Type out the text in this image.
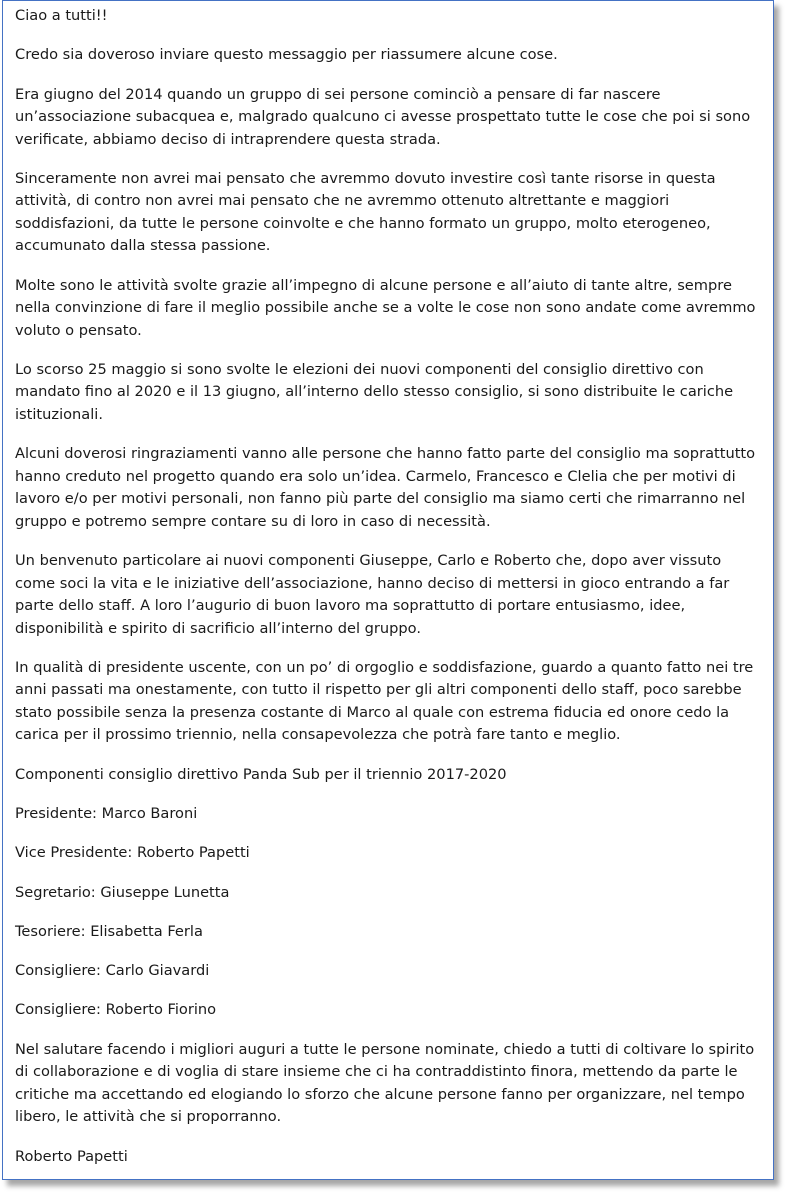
Ciao a tutti!!

Credo sia doveroso inviare questo messaggio per riassumere alcune cose.

Era giugno del 2014 quando un gruppo di sei persone cominciò a pensare di far nascere un’associazione subacquea e, malgrado qualcuno ci avesse prospettato tutte le cose che poi si sono verificate, abbiamo deciso di intraprendere questa strada.

Sinceramente non avrei mai pensato che avremmo dovuto investire così tante risorse in questa attività, di contro non avrei mai pensato che ne avremmo ottenuto altrettante e maggiori soddisfazioni, da tutte le persone coinvolte e che hanno formato un gruppo, molto eterogeneo, accumunato dalla stessa passione.

Molte sono le attività svolte grazie all’impegno di alcune persone e all’aiuto di tante altre, sempre nella convinzione di fare il meglio possibile anche se a volte le cose non sono andate come avremmo voluto o pensato.

Lo scorso 25 maggio si sono svolte le elezioni dei nuovi componenti del consiglio direttivo con mandato fino al 2020 e il 13 giugno, all’interno dello stesso consiglio, si sono distribuite le cariche istituzionali.

Alcuni doverosi ringraziamenti vanno alle persone che hanno fatto parte del consiglio ma soprattutto hanno creduto nel progetto quando era solo un’idea. Carmelo, Francesco e Clelia che per motivi di lavoro e/o per motivi personali, non fanno più parte del consiglio ma siamo certi che rimarranno nel gruppo e potremo sempre contare su di loro in caso di necessità.

Un benvenuto particolare ai nuovi componenti Giuseppe, Carlo e Roberto che, dopo aver vissuto come soci la vita e le iniziative dell’associazione, hanno deciso di mettersi in gioco entrando a far parte dello staff. A loro l’augurio di buon lavoro ma soprattutto di portare entusiasmo, idee, disponibilità e spirito di sacrificio all’interno del gruppo.

In qualità di presidente uscente, con un po’ di orgoglio e soddisfazione, guardo a quanto fatto nei tre anni passati ma onestamente, con tutto il rispetto per gli altri componenti dello staff, poco sarebbe stato possibile senza la presenza costante di Marco al quale con estrema fiducia ed onore cedo la carica per il prossimo triennio, nella consapevolezza che potrà fare tanto e meglio.

Componenti consiglio direttivo Panda Sub per il triennio 2017-2020

Presidente: Marco Baroni

Vice Presidente: Roberto Papetti

Segretario: Giuseppe Lunetta

Tesoriere: Elisabetta Ferla

Consigliere: Carlo Giavardi

Consigliere: Roberto Fiorino

Nel salutare facendo i migliori auguri a tutte le persone nominate, chiedo a tutti di coltivare lo spirito di collaborazione e di voglia di stare insieme che ci ha contraddistinto finora, mettendo da parte le critiche ma accettando ed elogiando lo sforzo che alcune persone fanno per organizzare, nel tempo libero, le attività che si proporranno.

Roberto Papetti
